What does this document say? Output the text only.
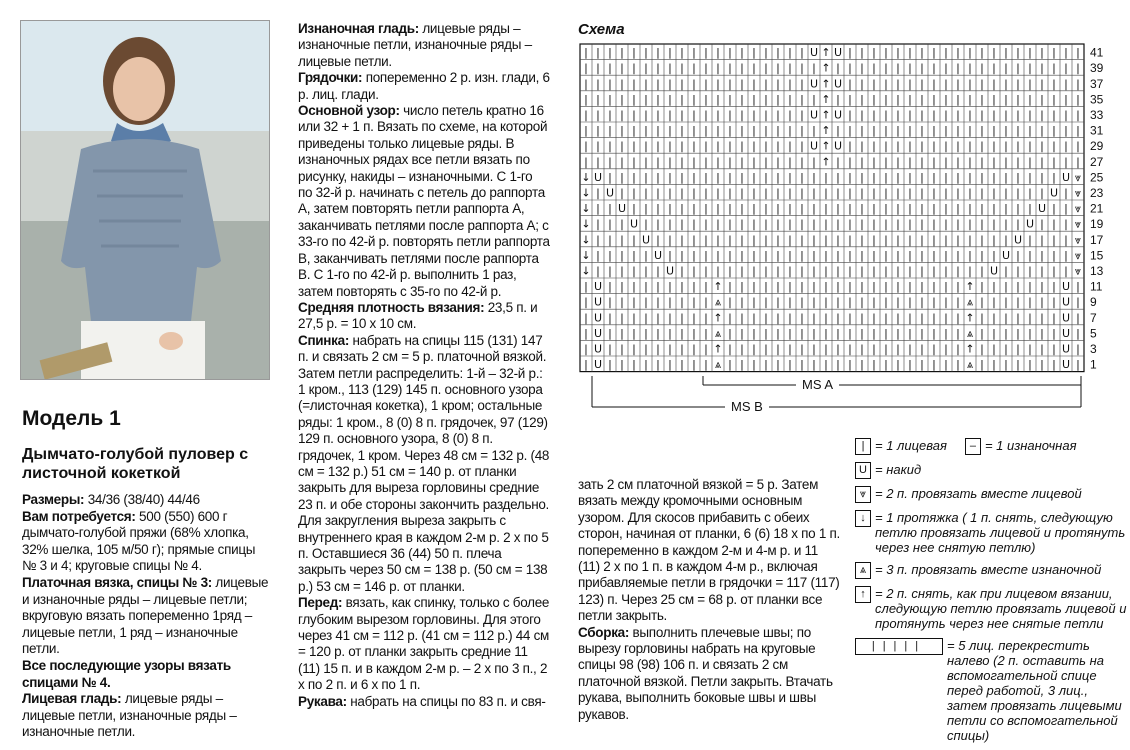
Модель 1
Дымчато-голубой пуловер с листочной кокеткой

Размеры: 34/36 (38/40) 44/46

Вам потребуется: 500 (550) 600 г дымчато-голубой пряжи (68% хлопка, 32% шелка, 105 м/50 г); прямые спицы № 3 и 4; круговые спицы № 4.

Платочная вязка, спицы № 3: лицевые и изнаночные ряды – лицевые петли; вкруговую вязать попеременно 1ряд – лицевые петли, 1 ряд – изнаночные петли.

Все последующие узоры вязать спицами № 4.

Лицевая гладь: лицевые ряды – лицевые петли, изнаночные ряды – изнаночные петли.

Изнаночная гладь: лицевые ряды – изнаночные петли, изнаночные ряды – лицевые петли.

Грядочки: попеременно 2 р. изн. глади, 6 р. лиц. глади.

Основной узор: число петель кратно 16 или 32 + 1 п. Вязать по схеме, на которой приведены только лицевые ряды. В изнаночных рядах все петли вязать по рисунку, накиды – изнаночными. С 1-го по 32-й р. начинать с петель до раппорта А, затем повторять петли раппорта А, заканчивать петлями после раппорта А; с 33-го по 42-й р. повторять петли раппорта В, заканчивать петлями после раппорта В. С 1-го по 42-й р. выполнить 1 раз, затем повторять с 35-го по 42-й р.

Средняя плотность вязания: 23,5 п. и 27,5 р. = 10 х 10 см.

Спинка: набрать на спицы 115 (131) 147 п. и связать 2 см = 5 р. платочной вязкой. Затем петли распределить: 1-й – 32-й р.: 1 кром., 113 (129) 145 п. основного узора (=листочная кокетка), 1 кром; остальные ряды: 1 кром., 8 (0) 8 п. грядочек, 97 (129) 129 п. основного узора, 8 (0) 8 п. грядочек, 1 кром. Через 48 см = 132 р. (48 см = 132 р.) 51 см = 140 р. от планки закрыть для выреза горловины средние 23 п. и обе стороны закончить раздельно. Для закругления выреза закрыть с внутреннего края в каждом 2-м р. 2 х по 5 п. Оставшиеся 36 (44) 50 п. плеча закрыть через 50 см = 138 р. (50 см = 138 р.) 53 см = 146 р. от планки.

Перед: вязать, как спинку, только с более глубоким вырезом горловины. Для этого через 41 см = 112 р. (41 см = 112 р.) 44 см = 120 р. от планки закрыть средние 11 (11) 15 п. и в каждом 2-м р. – 2 х по 3 п., 2 х по 2 п. и 6 х по 1 п.

Рукава: набрать на спицы по 83 п. и свя-

зать 2 см платочной вязкой = 5 р. Затем вязать между кромочными основным узором. Для скосов прибавить с обеих сторон, начиная от планки, 6 (6) 18 х по 1 п. попеременно в каждом 2-м и 4-м р. и 11 (11) 2 х по 1 п. в каждом 4-м р., включая прибавляемые петли в грядочки = 117 (117) 123) п. Через 25 см = 68 р. от планки все петли закрыть.

Сборка: выполнить плечевые швы; по вырезу горловины набрать на круговые спицы 98 (98) 106 п. и связать 2 см платочной вязкой. Петли закрыть. Втачать рукава, выполнить боковые швы и швы рукавов.

Схема
| | | | | | | | | | | | | | | | | | | U ↑ U | | | | | | | | | | | | | | | | | | | |
| | | | | | | | | | | | | | | | | | | | ↑ | | | | | | | | | | | | | | | | | | | | |
| | | | | | | | | | | | | | | | | | | U ↑ U | | | | | | | | | | | | | | | | | | | |
| | | | | | | | | | | | | | | | | | | | ↑ | | | | | | | | | | | | | | | | | | | | |
| | | | | | | | | | | | | | | | | | | U ↑ U | | | | | | | | | | | | | | | | | | | |
| | | | | | | | | | | | | | | | | | | | ↑ | | | | | | | | | | | | | | | | | | | | |
| | | | | | | | | | | | | | | | | | | U ↑ U | | | | | | | | | | | | | | | | | | | |
| | | | | | | | | | | | | | | | | | | | ↑ | | | | | | | | | | | | | | | | | | | | |
↓ U | | | | | | | | | | | | | | | | | | | | | | | | | | | | | | | | | | | | | | U ⩔
↓ | U | | | | | | | | | | | | | | | | | | | | | | | | | | | | | | | | | | | | U | ⩔
↓ | | U | | | | | | | | | | | | | | | | | | | | | | | | | | | | | | | | | | U | | ⩔
↓ | | | U | | | | | | | | | | | | | | | | | | | | | | | | | | | | | | | | U | | | ⩔
↓ | | | | U | | | | | | | | | | | | | | | | | | | | | | | | | | | | | | U | | | | ⩔
↓ | | | | | U | | | | | | | | | | | | | | | | | | | | | | | | | | | | U | | | | | ⩔
↓ | | | | | | U | | | | | | | | | | | | | | | | | | | | | | | | | | U | | | | | | ⩔
| U | | | | | | | | | ↑ | | | | | | | | | | | | | | | | | | | | ↑ | | | | | | | U |
| U | | | | | | | | | ⩓ | | | | | | | | | | | | | | | | | | | | ⩓ | | | | | | | U |
| U | | | | | | | | | ↑ | | | | | | | | | | | | | | | | | | | | ↑ | | | | | | | U |
| U | | | | | | | | | ⩓ | | | | | | | | | | | | | | | | | | | | ⩓ | | | | | | | U |
| U | | | | | | | | | ↑ | | | | | | | | | | | | | | | | | | | | ↑ | | | | | | | U |
| U | | | | | | | | | ⩓ | | | | | | | | | | | | | | | | | | | | ⩓ | | | | | | | U |
41
39
37
35
33
31
29
27
25
23
21
19
17
15
13
11
9
7
5
3
1
MS A
MS B
| = 1 лицевая	– = 1 изнаночная
U = накид
⩔ = 2 п. провязать вместе лицевой
↓ = 1 протяжка ( 1 п. снять, следующую петлю провязать лицевой и протянуть через нее снятую петлю)
⩓ = 3 п. провязать вместе изнаночной
↑ = 2 п. снять, как при лицевом вязании, следующую петлю провязать лицевой и протянуть через нее снятые петли
|||||	= 5 лиц. перекрестить налево (2 п. оставить на вспомогательной спице перед работой, 3 лиц., затем провязать лицевыми петли со вспомогательной спицы)
